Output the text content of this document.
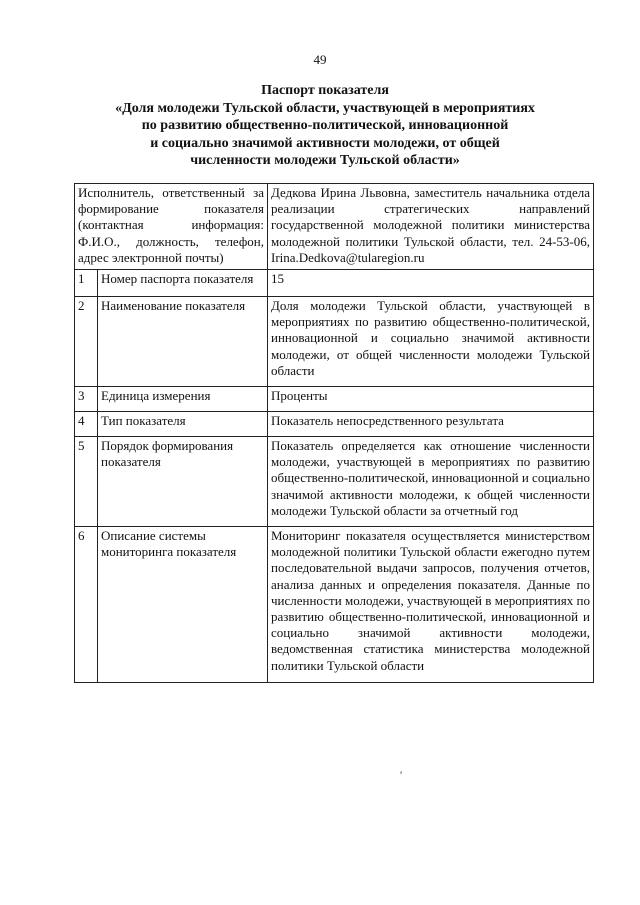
49
Паспорт показателя
«Доля молодежи Тульской области, участвующей в мероприятиях
по развитию общественно-политической, инновационной
и социально значимой активности молодежи, от общей
численности молодежи Тульской области»
Исполнитель, ответственный за формирование показателя (контактная информация: Ф.И.О., должность, телефон, адрес электронной почты)		Дедкова Ирина Львовна, заместитель начальника отдела реализации стратегических направлений государственной молодежной политики министерства молодежной политики Тульской области, тел. 24-53-06, Irina.Dedkova@tularegion.ru
1	Номер паспорта показателя	15
2	Наименование показателя	Доля молодежи Тульской области, участвующей в мероприятиях по развитию общественно-политической, инновационной и социально значимой активности молодежи, от общей численности молодежи Тульской области
3	Единица измерения	Проценты
4	Тип показателя	Показатель непосредственного результата
5	Порядок формирования показателя	Показатель определяется как отношение численности молодежи, участвующей в мероприятиях по развитию общественно-политической, инновационной и социально значимой активности молодежи, к общей численности молодежи Тульской области за отчетный год
6	Описание системы мониторинга показателя	Мониторинг показателя осуществляется министерством молодежной политики Тульской области ежегодно путем последовательной выдачи запросов, получения отчетов, анализа данных и определения показателя. Данные по численности молодежи, участвующей в мероприятиях по развитию общественно-политической, инновационной и социально значимой активности молодежи, ведомственная статистика министерства молодежной политики Тульской области
'
